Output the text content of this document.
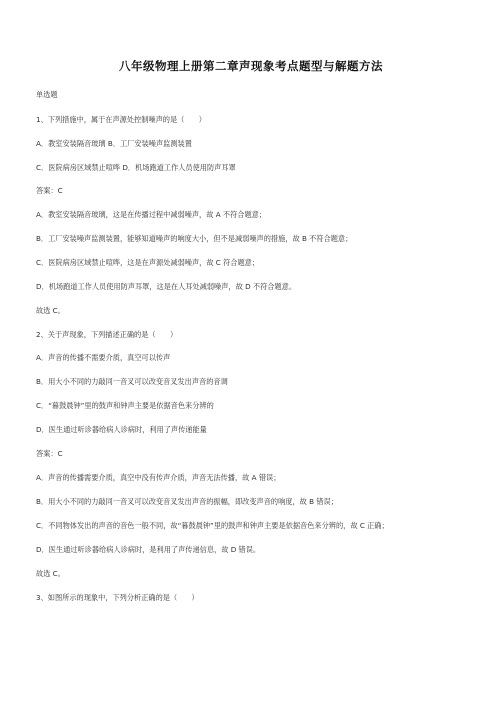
八年级物理上册第二章声现象考点题型与解题方法
单选题
1、下列措施中，属于在声源处控制噪声的是（　　）
A．教室安装隔音玻璃 B．工厂安装噪声监测装置
C．医院病房区域禁止喧哗 D．机场跑道工作人员使用防声耳罩
答案：C
A．教室安装隔音玻璃，这是在传播过程中减弱噪声，故 A 不符合题意；
B．工厂安装噪声监测装置，能够知道噪声的响度大小，但不是减弱噪声的措施，故 B 不符合题意；
C．医院病房区域禁止喧哗，这是在声源处减弱噪声，故 C 符合题意；
D．机场跑道工作人员使用防声耳罩，这是在人耳处减弱噪声，故 D 不符合题意。
故选 C。
2、关于声现象，下列描述正确的是（　　）
A．声音的传播不需要介质，真空可以传声
B．用大小不同的力敲同一音叉可以改变音叉发出声音的音调
C．“暮鼓晨钟”里的鼓声和钟声主要是依据音色来分辨的
D．医生通过听诊器给病人诊病时，利用了声传递能量
答案：C
A．声音的传播需要介质，真空中没有传声介质，声音无法传播，故 A 错误；
B．用大小不同的力敲同一音叉可以改变音叉发出声音的振幅，即改变声音的响度，故 B 错误；
C．不同物体发出的声音的音色一般不同，故“暮鼓晨钟”里的鼓声和钟声主要是依据音色来分辨的，故 C 正确；
D．医生通过听诊器给病人诊病时，是利用了声传递信息，故 D 错误。
故选 C。
3、如图所示的现象中，下列分析正确的是（　　）
